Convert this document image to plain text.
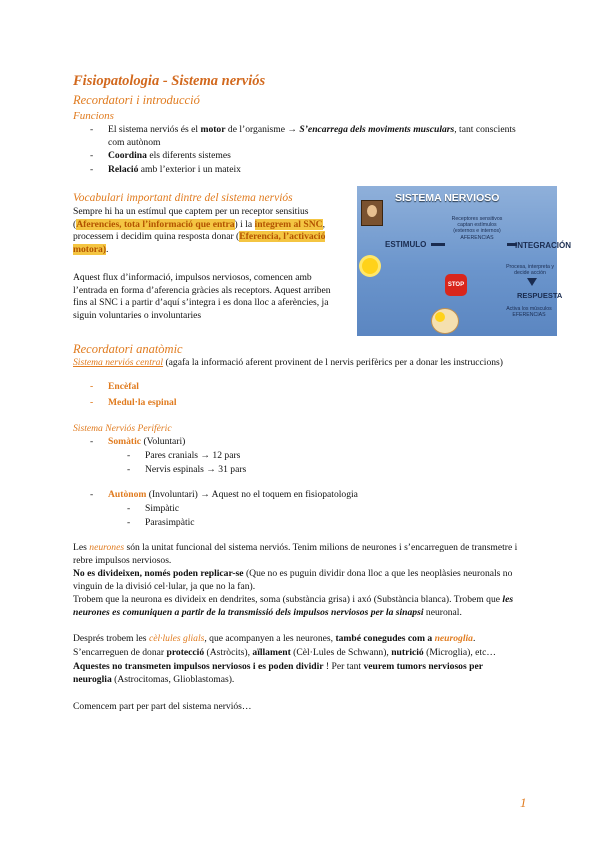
Fisiopatologia - Sistema nerviós
Recordatori i introducció
Funcions
- El sistema nerviós és el motor de l’organisme → S’encarrega dels moviments musculars, tant conscients com autònom
- Coordina els diferents sistemes
- Relació amb l’exterior i un mateix
Vocabulari important dintre del sistema nerviós
Sempre hi ha un estímul que captem per un receptor sensitius (Aferencies, tota l’informació que entra) i la integrem al SNC, processem i decidim quina resposta donar (Eferencia, l’activació motora).
Aquest flux d’informació, impulsos nerviosos, comencen amb l’entrada en forma d’aferencia gràcies als receptors. Aquest arriben fins al SNC i a partir d’aquí s’integra i es dona lloc a aferències, ja siguin voluntaries o involuntaries
SISTEMA NERVIOSO
ESTIMULO
Receptores sensitivos captan estímulos (externos e internos) AFERENCIAS
INTEGRACIÓN
Procesa, interpreta y decide acción
STOP
RESPUESTA
Activa los músculos EFERENCIAS
Recordatori anatòmic
Sistema nerviós central (agafa la informació aferent provinent de l nervis perifèrics per a donar les instruccions)
- Encèfal
- Medul·la espinal
Sistema Nerviós Perifèric
- Somàtic (Voluntari)
- Pares cranials → 12 pars
- Nervis espinals → 31 pars
- Autònom (Involuntari) → Aquest no el toquem en fisiopatologia
- Simpàtic
- Parasimpàtic
Les neurones són la unitat funcional del sistema nerviós. Tenim milions de neurones i s’encarreguen de transmetre i rebre impulsos nerviosos.
No es divideixen, només poden replicar-se (Que no es puguin dividir dona lloc a que les neoplàsies neuronals no vinguin de la divisió cel·lular, ja que no la fan).
Trobem que la neurona es divideix en dendrites, soma (substància grisa) i axó (Substància blanca). Trobem que les neurones es comuniquen a partir de la transmissió dels impulsos nerviosos per la sinapsi neuronal.
Després trobem les cèl·lules glials, que acompanyen a les neurones, també conegudes com a neuroglia.
S’encarreguen de donar protecció (Astròcits), aïllament (Cèl·Lules de Schwann), nutrició (Microglia), etc…
Aquestes no transmeten impulsos nerviosos i es poden dividir ! Per tant veurem tumors nerviosos per neuroglia (Astrocitomas, Glioblastomas).
Comencem part per part del sistema nerviós…
1
